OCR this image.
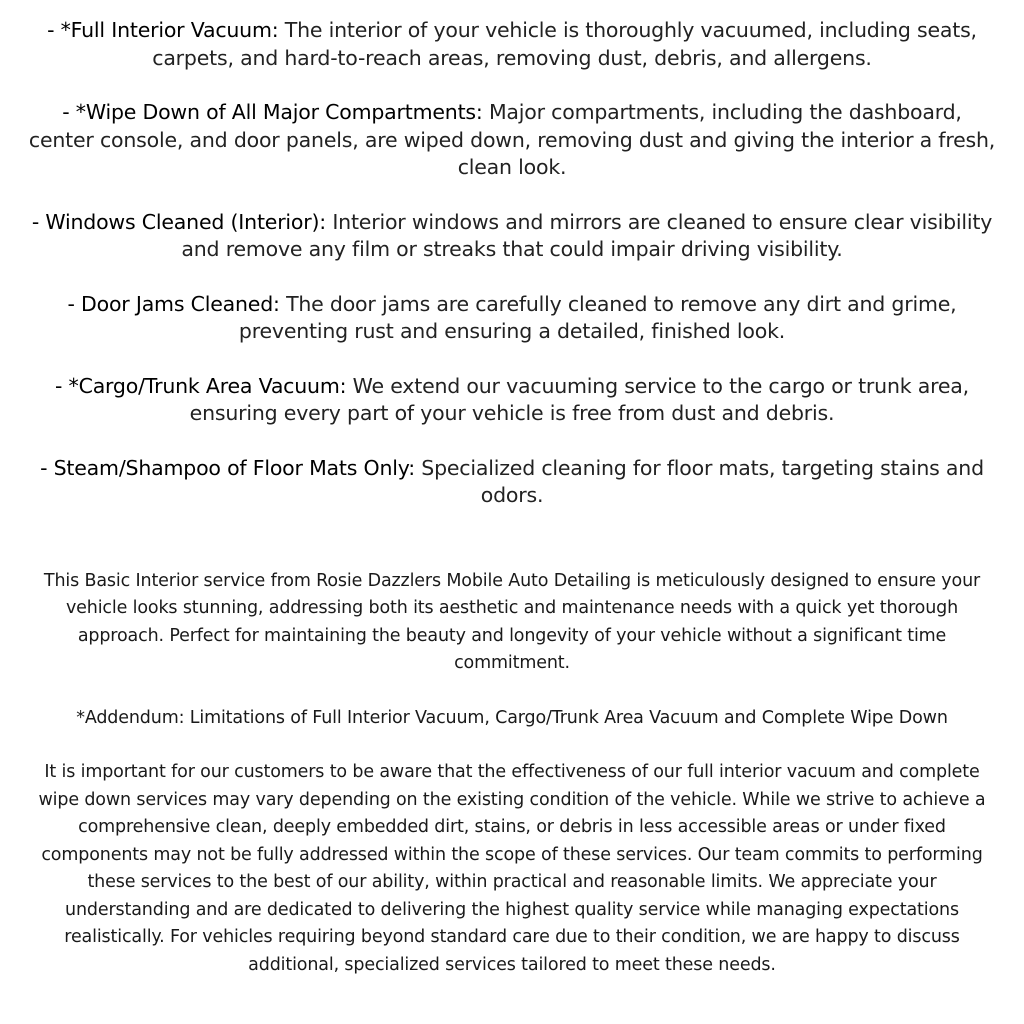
- *Full Interior Vacuum: The interior of your vehicle is thoroughly vacuumed, including seats, carpets, and hard-to-reach areas, removing dust, debris, and allergens.

- *Wipe Down of All Major Compartments: Major compartments, including the dashboard, center console, and door panels, are wiped down, removing dust and giving the interior a fresh, clean look.

- Windows Cleaned (Interior): Interior windows and mirrors are cleaned to ensure clear visibility and remove any film or streaks that could impair driving visibility.

- Door Jams Cleaned: The door jams are carefully cleaned to remove any dirt and grime, preventing rust and ensuring a detailed, finished look.

- *Cargo/Trunk Area Vacuum: We extend our vacuuming service to the cargo or trunk area, ensuring every part of your vehicle is free from dust and debris.

- Steam/Shampoo of Floor Mats Only: Specialized cleaning for floor mats, targeting stains and odors.

This Basic Interior service from Rosie Dazzlers Mobile Auto Detailing is meticulously designed to ensure your vehicle looks stunning, addressing both its aesthetic and maintenance needs with a quick yet thorough approach. Perfect for maintaining the beauty and longevity of your vehicle without a significant time commitment.

*Addendum: Limitations of Full Interior Vacuum, Cargo/Trunk Area Vacuum and Complete Wipe Down

It is important for our customers to be aware that the effectiveness of our full interior vacuum and complete wipe down services may vary depending on the existing condition of the vehicle. While we strive to achieve a comprehensive clean, deeply embedded dirt, stains, or debris in less accessible areas or under fixed components may not be fully addressed within the scope of these services. Our team commits to performing these services to the best of our ability, within practical and reasonable limits. We appreciate your understanding and are dedicated to delivering the highest quality service while managing expectations realistically. For vehicles requiring beyond standard care due to their condition, we are happy to discuss additional, specialized services tailored to meet these needs.
